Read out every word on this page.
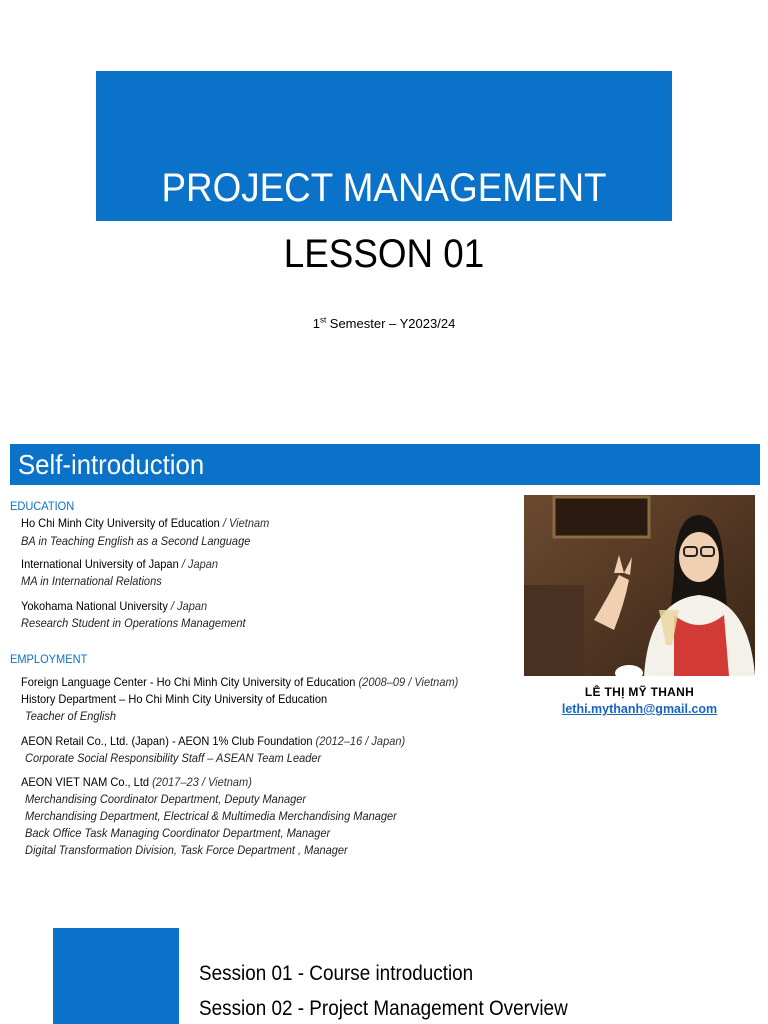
PROJECT MANAGEMENT
LESSON 01
1st Semester – Y2023/24
Self-introduction
EDUCATION
Ho Chi Minh City University of Education / Vietnam
BA in Teaching English as a Second Language
International University of Japan / Japan
MA in International Relations
Yokohama National University / Japan
Research Student in Operations Management
EMPLOYMENT
Foreign Language Center - Ho Chi Minh City University of Education (2008–09 / Vietnam)
History Department – Ho Chi Minh City University of Education
Teacher of English
AEON Retail Co., Ltd. (Japan) - AEON 1% Club Foundation (2012–16 / Japan)
Corporate Social Responsibility Staff – ASEAN Team Leader
AEON VIET NAM Co., Ltd (2017–23 / Vietnam)
Merchandising Coordinator Department, Deputy Manager
Merchandising Department, Electrical & Multimedia Merchandising Manager
Back Office Task Managing Coordinator Department, Manager
Digital Transformation Division, Task Force Department , Manager
LÊ THỊ MỸ THANH
lethi.mythanh@gmail.com
Session 01 - Course introduction
Session 02 - Project Management Overview
